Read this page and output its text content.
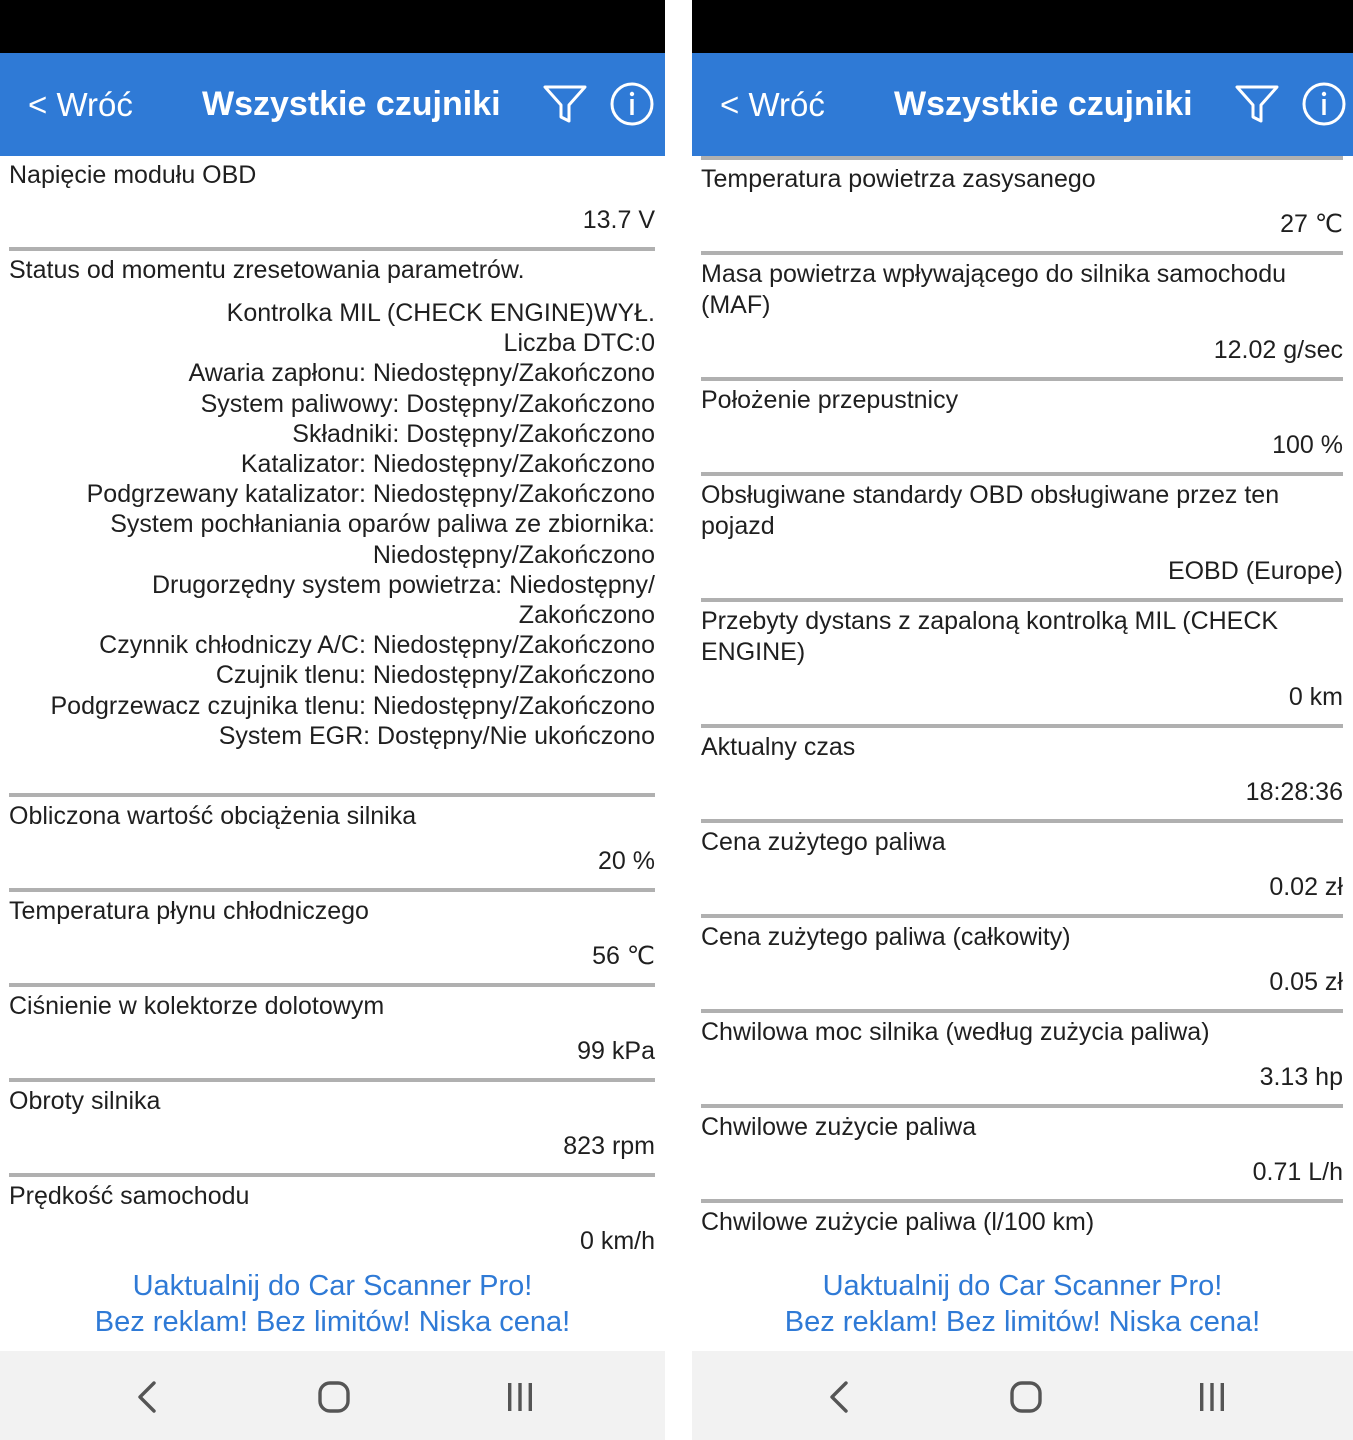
< Wróć Wszystkie czujniki
Napięcie modułu OBD
13.7 V
Status od momentu zresetowania parametrów.
Kontrolka MIL (CHECK ENGINE)WYŁ.
Liczba DTC:0
Awaria zapłonu: Niedostępny/Zakończono
System paliwowy: Dostępny/Zakończono
Składniki: Dostępny/Zakończono
Katalizator: Niedostępny/Zakończono
Podgrzewany katalizator: Niedostępny/Zakończono
System pochłaniania oparów paliwa ze zbiornika:
Niedostępny/Zakończono
Drugorzędny system powietrza: Niedostępny/
Zakończono
Czynnik chłodniczy A/C: Niedostępny/Zakończono
Czujnik tlenu: Niedostępny/Zakończono
Podgrzewacz czujnika tlenu: Niedostępny/Zakończono
System EGR: Dostępny/Nie ukończono
Obliczona wartość obciążenia silnika
20 %
Temperatura płynu chłodniczego
56 ℃
Ciśnienie w kolektorze dolotowym
99 kPa
Obroty silnika
823 rpm
Prędkość samochodu
0 km/h
Uaktualnij do Car Scanner Pro!
Bez reklam! Bez limitów! Niska cena!
< Wróć Wszystkie czujniki
Temperatura powietrza zasysanego
27 ℃
Masa powietrza wpływającego do silnika samochodu (MAF)
12.02 g/sec
Położenie przepustnicy
100 %
Obsługiwane standardy OBD obsługiwane przez ten pojazd
EOBD (Europe)
Przebyty dystans z zapaloną kontrolką MIL (CHECK ENGINE)
0 km
Aktualny czas
18:28:36
Cena zużytego paliwa
0.02 zł
Cena zużytego paliwa (całkowity)
0.05 zł
Chwilowa moc silnika (według zużycia paliwa)
3.13 hp
Chwilowe zużycie paliwa
0.71 L/h
Chwilowe zużycie paliwa (l/100 km)
Uaktualnij do Car Scanner Pro!
Bez reklam! Bez limitów! Niska cena!
